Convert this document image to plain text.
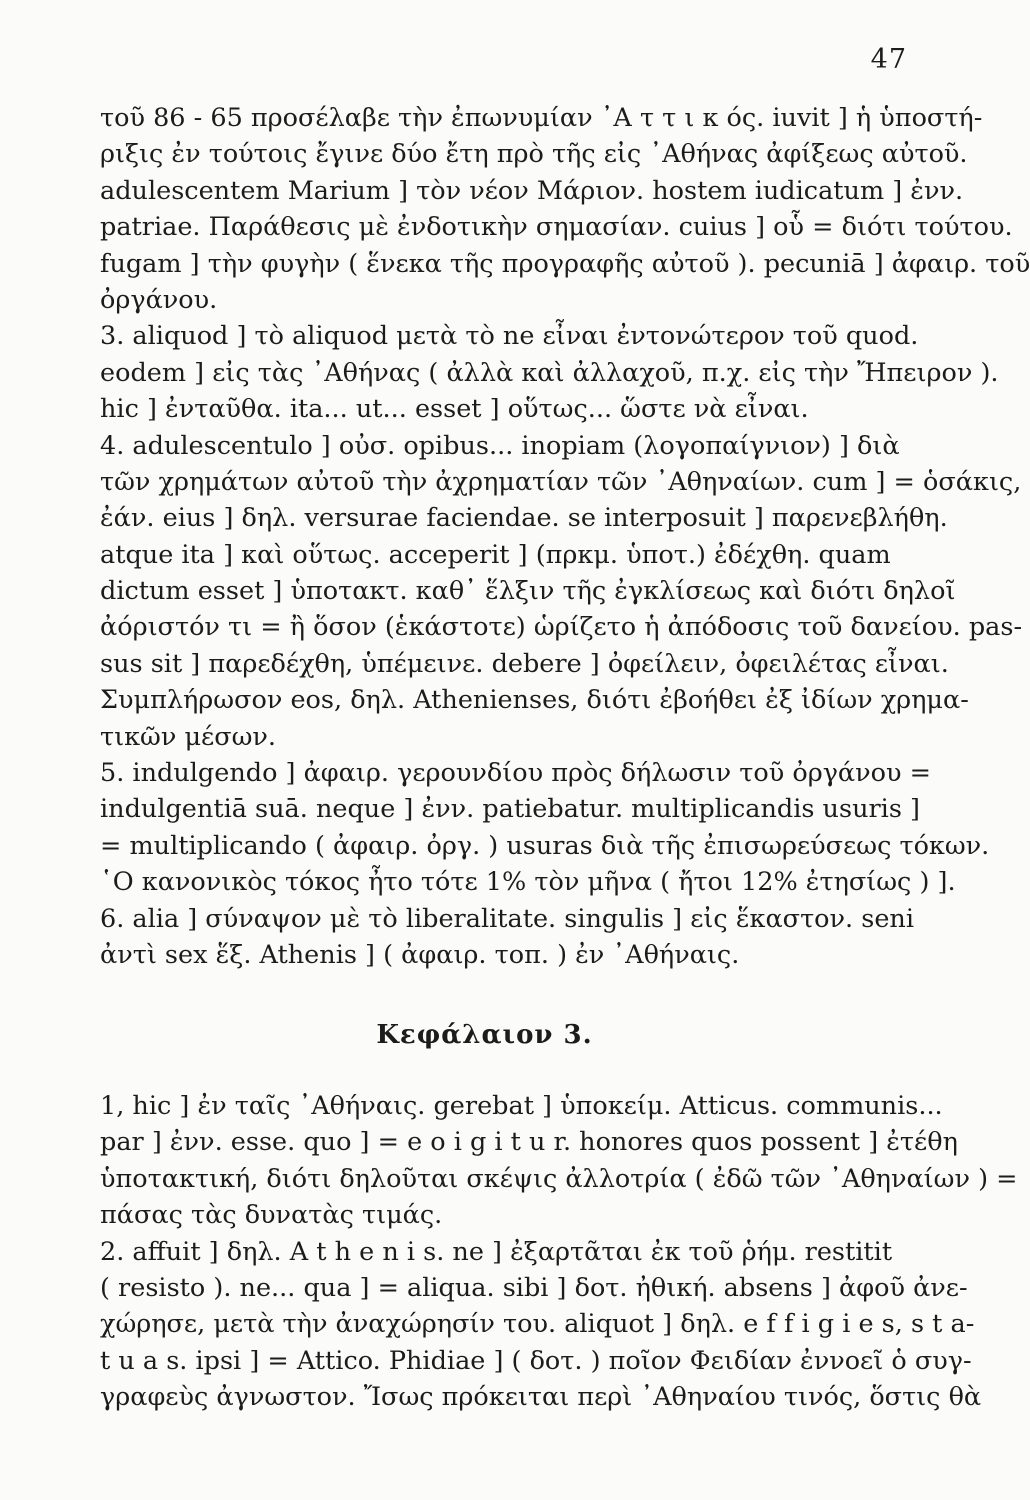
47
τοῦ 86 - 65 προσέλαβε τὴν ἐπωνυμίαν ᾿Α τ τ ι κ ός. iuvit ] ἡ ὑποστή-
ριξις ἐν τούτοις ἔγινε δύο ἔτη πρὸ τῆς εἰς ᾿Αθήνας ἀφίξεως αὐτοῦ.
adulescentem Marium ] τὸν νέον Μάριον. hostem iudicatum ] ἐνν.
patriae. Παράθεσις μὲ ἐνδοτικὴν σημασίαν. cuius ] οὗ = διότι τούτου.
fugam ] τὴν φυγὴν ( ἕνεκα τῆς προγραφῆς αὐτοῦ ). pecuniā ] ἀφαιρ. τοῦ
ὀργάνου.
3. aliquod ] τὸ aliquod μετὰ τὸ ne εἶναι ἐντονώτερον τοῦ quod.
eodem ] εἰς τὰς ᾿Αθήνας ( ἀλλὰ καὶ ἀλλαχοῦ, π.χ. εἰς τὴν Ἤπειρον ).
hic ] ἐνταῦθα. ita... ut... esset ] οὕτως... ὥστε νὰ εἶναι.
4. adulescentulo ] οὐσ. opibus... inopiam (λογοπαίγνιον) ] διὰ
τῶν χρημάτων αὐτοῦ τὴν ἀχρηματίαν τῶν ᾿Αθηναίων. cum ] = ὁσάκις,
ἐάν. eius ] δηλ. versurae faciendae. se interposuit ] παρενεβλήθη.
atque ita ] καὶ οὕτως. acceperit ] (πρκμ. ὑποτ.) ἐδέχθη. quam
dictum esset ] ὑποτακτ. καθ᾿ ἕλξιν τῆς ἐγκλίσεως καὶ διότι δηλοῖ
ἀόριστόν τι = ἢ ὅσον (ἑκάστοτε) ὡρίζετο ἡ ἀπόδοσις τοῦ δανείου. pas-
sus sit ] παρεδέχθη, ὑπέμεινε. debere ] ὀφείλειν, ὀφειλέτας εἶναι.
Συμπλήρωσον eos, δηλ. Athenienses, διότι ἐβοήθει ἐξ ἰδίων χρημα-
τικῶν μέσων.
5. indulgendo ] ἀφαιρ. γερουνδίου πρὸς δήλωσιν τοῦ ὀργάνου =
indulgentiā suā. neque ] ἐνν. patiebatur. multiplicandis usuris ]
= multiplicando ( ἀφαιρ. ὀργ. ) usuras διὰ τῆς ἐπισωρεύσεως τόκων.
῾Ο κανονικὸς τόκος ἦτο τότε 1% τὸν μῆνα ( ἤτοι 12% ἐτησίως ) ].
6. alia ] σύναψον μὲ τὸ liberalitate. singulis ] εἰς ἕκαστον. seni
ἀντὶ sex ἕξ. Athenis ] ( ἀφαιρ. τοπ. ) ἐν ᾿Αθήναις.
Κεφάλαιον 3.
1, hic ] ἐν ταῖς ᾿Αθήναις. gerebat ] ὑποκείμ. Atticus. communis...
par ] ἐνν. esse. quo ] = e o i g i t u r. honores quos possent ] ἐτέθη
ὑποτακτική, διότι δηλοῦται σκέψις ἀλλοτρία ( ἐδῶ τῶν ᾿Αθηναίων ) =
πάσας τὰς δυνατὰς τιμάς.
2. affuit ] δηλ. A t h e n i s. ne ] ἐξαρτᾶται ἐκ τοῦ ῥήμ. restitit
( resisto ). ne... qua ] = aliqua. sibi ] δοτ. ἠθική. absens ] ἀφοῦ ἀνε-
χώρησε, μετὰ τὴν ἀναχώρησίν του. aliquot ] δηλ. e f f i g i e s, s t a-
t u a s. ipsi ] = Attico. Phidiae ] ( δοτ. ) ποῖον Φειδίαν ἐννοεῖ ὁ συγ-
γραφεὺς ἀγνωστον. Ἴσως πρόκειται περὶ ᾿Αθηναίου τινός, ὅστις θὰ
